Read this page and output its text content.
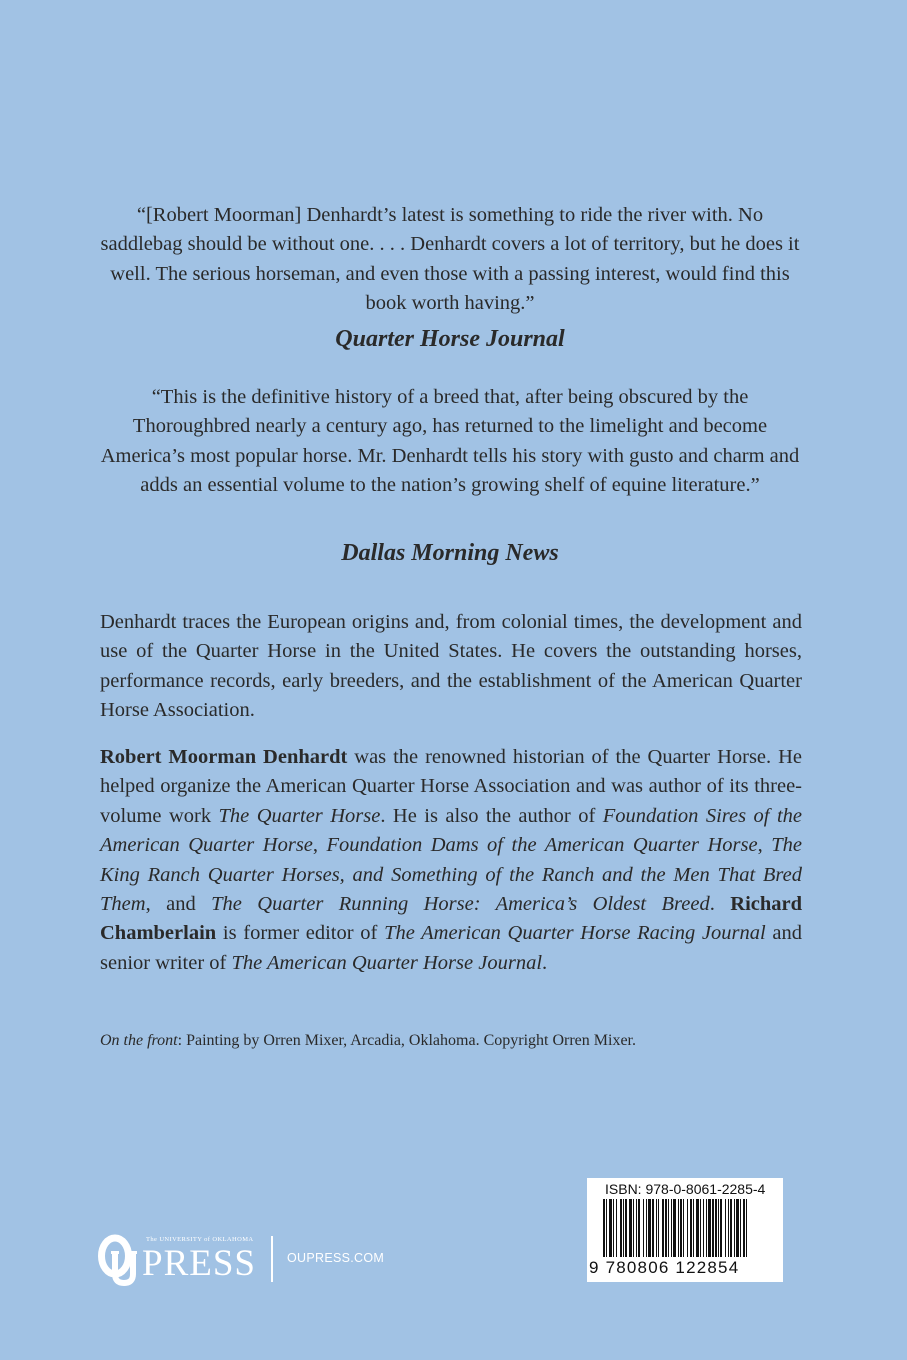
“[Robert Moorman] Denhardt’s latest is something to ride the river with. No saddlebag should be without one. . . . Denhardt covers a lot of territory, but he does it well. The serious horseman, and even those with a passing interest, would find this book worth having.”
Quarter Horse Journal
“This is the definitive history of a breed that, after being obscured by the Thoroughbred nearly a century ago, has returned to the limelight and become America’s most popular horse. Mr. Denhardt tells his story with gusto and charm and adds an essential volume to the nation’s growing shelf of equine literature.”
Dallas Morning News
Denhardt traces the European origins and, from colonial times, the development and use of the Quarter Horse in the United States. He covers the outstanding horses, performance records, early breeders, and the establishment of the American Quarter Horse Association.
Robert Moorman Denhardt was the renowned historian of the Quarter Horse. He helped organize the American Quarter Horse Association and was author of its three-volume work The Quarter Horse. He is also the author of Foundation Sires of the American Quarter Horse, Foundation Dams of the American Quarter Horse, The King Ranch Quarter Horses, and Something of the Ranch and the Men That Bred Them, and The Quarter Running Horse: America’s Oldest Breed. Richard Chamberlain is former editor of The American Quarter Horse Racing Journal and senior writer of The American Quarter Horse Journal.
On the front: Painting by Orren Mixer, Arcadia, Oklahoma. Copyright Orren Mixer.
The UNIVERSITY of OKLAHOMA
PRESS OUPRESS.COM
ISBN: 978-0-8061-2285-4
9 780806 122854
